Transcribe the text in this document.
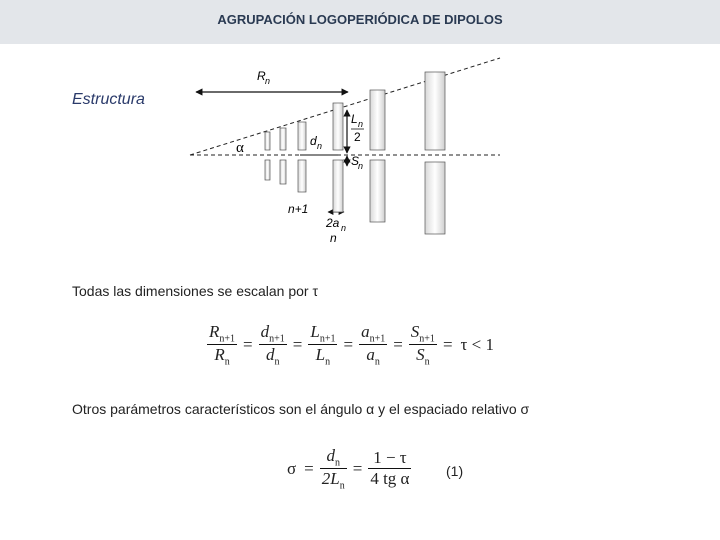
AGRUPACIÓN LOGOPERIÓDICA DE DIPOLOS
Estructura
R n
α	d n
L n
2
S
n
n+1
2a n
n
Todas las dimensiones se escalan por τ
$\frac{R_{n+1}}{R_n} = \frac{d_{n+1}}{d_n} = \frac{L_{n+1}}{L_n} = \frac{a_{n+1}}{a_n} = \frac{S_{n+1}}{S_n} = \tau < 1$
Otros parámetros característicos son el ángulo α y el espaciado relativo σ
$\sigma = \frac{d_n}{2L_n} = \frac{1 - \tau}{\text{4 tg α}} (1)$
